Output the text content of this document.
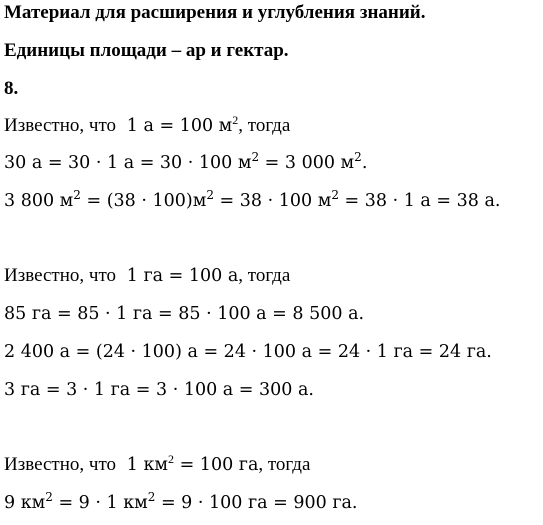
Материал для расширения и углубления знаний.
Единицы площади – ар и гектар.
8.
Известно, что 1 а = 100 $м^2$, тогда
30 а = 30 · 1 а = 30 · 100 $м^2 = 3$ 000 $м^2$.
3 800 $м^2 = (38 \cdot 100)м^2 = 38 \cdot 100$ $м^2 = 38 \cdot 1$ а = 38 а.
Известно, что 1 га = 100 а, тогда
85 га = 85 · 1 га = 85 · 100 а = 8 500 а.
2 400 а = (24 · 100) а = 24 · 100 а = 24 · 1 га = 24 га.
3 га = 3 · 1 га = 3 · 100 а = 300 а.
Известно, что 1 $км^2 = 100$ га, тогда
9 $км^2 = 9 \cdot 1$ $км^2 = 9 \cdot 100$ га = 900 га.
